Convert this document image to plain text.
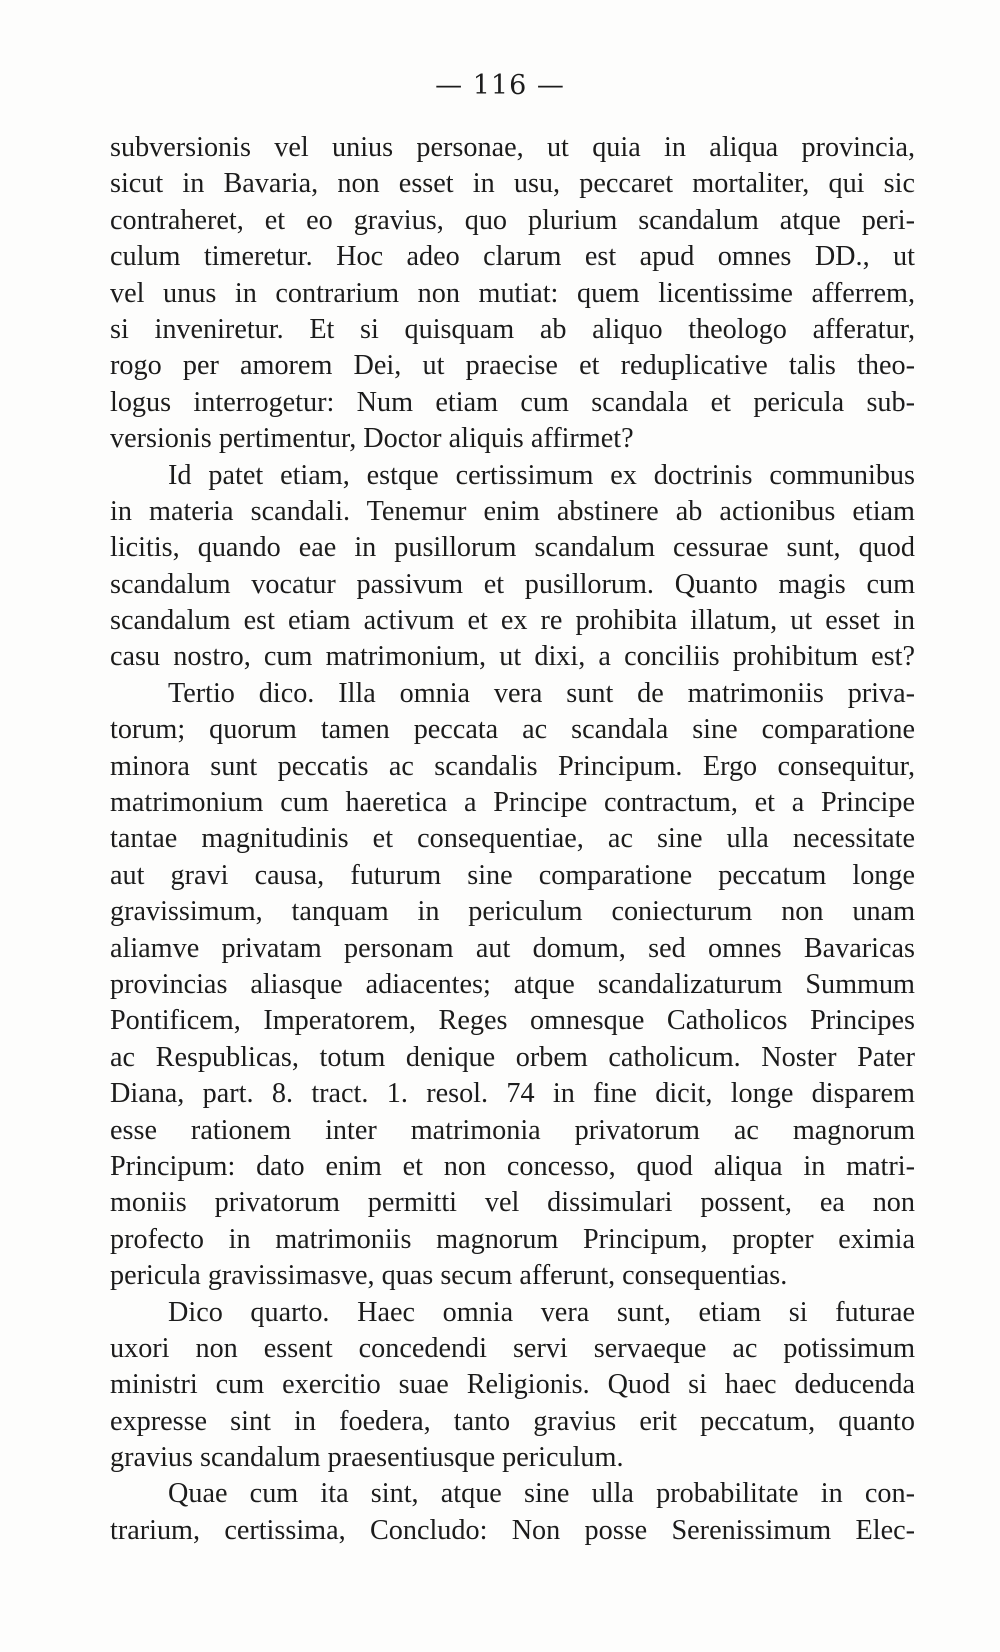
— 116 —
subversionis vel unius personae, ut quia in aliqua provincia,
sicut in Bavaria, non esset in usu, peccaret mortaliter, qui sic
contraheret, et eo gravius, quo plurium scandalum atque peri-
culum timeretur. Hoc adeo clarum est apud omnes DD., ut
vel unus in contrarium non mutiat: quem licentissime afferrem,
si inveniretur. Et si quisquam ab aliquo theologo afferatur,
rogo per amorem Dei, ut praecise et reduplicative talis theo-
logus interrogetur: Num etiam cum scandala et pericula sub-
versionis pertimentur, Doctor aliquis affirmet?
Id patet etiam, estque certissimum ex doctrinis communibus
in materia scandali. Tenemur enim abstinere ab actionibus etiam
licitis, quando eae in pusillorum scandalum cessurae sunt, quod
scandalum vocatur passivum et pusillorum. Quanto magis cum
scandalum est etiam activum et ex re prohibita illatum, ut esset in
casu nostro, cum matrimonium, ut dixi, a conciliis prohibitum est?
Tertio dico. Illa omnia vera sunt de matrimoniis priva-
torum; quorum tamen peccata ac scandala sine comparatione
minora sunt peccatis ac scandalis Principum. Ergo consequitur,
matrimonium cum haeretica a Principe contractum, et a Principe
tantae magnitudinis et consequentiae, ac sine ulla necessitate
aut gravi causa, futurum sine comparatione peccatum longe
gravissimum, tanquam in periculum coniecturum non unam
aliamve privatam personam aut domum, sed omnes Bavaricas
provincias aliasque adiacentes; atque scandalizaturum Summum
Pontificem, Imperatorem, Reges omnesque Catholicos Principes
ac Respublicas, totum denique orbem catholicum. Noster Pater
Diana, part. 8. tract. 1. resol. 74 in fine dicit, longe disparem
esse rationem inter matrimonia privatorum ac magnorum
Principum: dato enim et non concesso, quod aliqua in matri-
moniis privatorum permitti vel dissimulari possent, ea non
profecto in matrimoniis magnorum Principum, propter eximia
pericula gravissimasve, quas secum afferunt, consequentias.
Dico quarto. Haec omnia vera sunt, etiam si futurae
uxori non essent concedendi servi servaeque ac potissimum
ministri cum exercitio suae Religionis. Quod si haec deducenda
expresse sint in foedera, tanto gravius erit peccatum, quanto
gravius scandalum praesentiusque periculum.
Quae cum ita sint, atque sine ulla probabilitate in con-
trarium, certissima, Concludo: Non posse Serenissimum Elec-
